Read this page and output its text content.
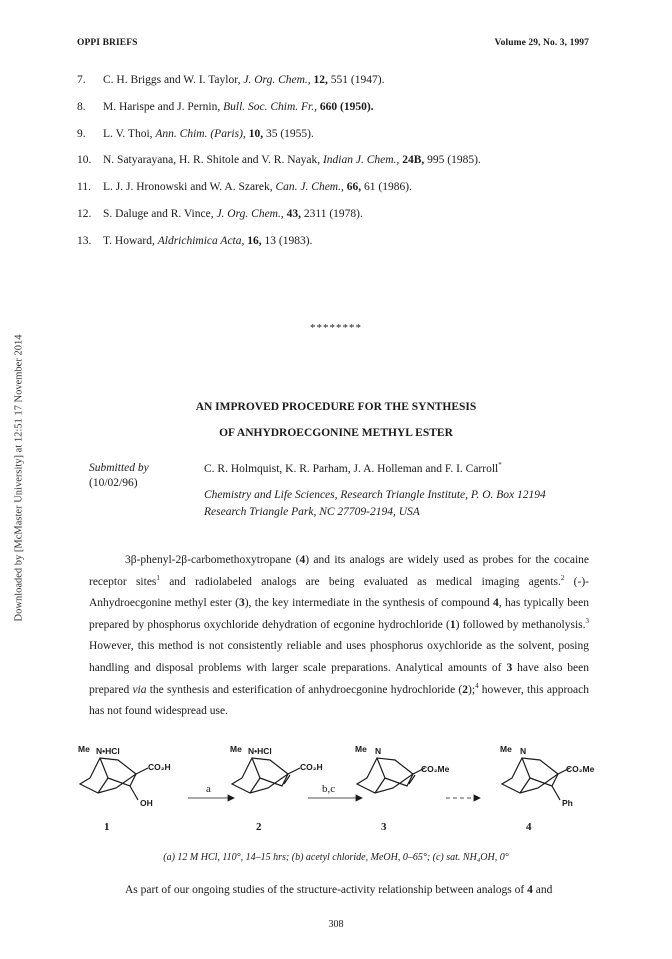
Downloaded by [McMaster University] at 12:51 17 November 2014
OPPI BRIEFS	Volume 29, No. 3, 1997
7. C. H. Briggs and W. I. Taylor, J. Org. Chem., 12, 551 (1947).
8. M. Harispe and J. Pernin, Bull. Soc. Chim. Fr., 660 (1950).
9. L. V. Thoi, Ann. Chim. (Paris), 10, 35 (1955).
10. N. Satyarayana, H. R. Shitole and V. R. Nayak, Indian J. Chem., 24B, 995 (1985).
11. L. J. J. Hronowski and W. A. Szarek, Can. J. Chem., 66, 61 (1986).
12. S. Daluge and R. Vince, J. Org. Chem., 43, 2311 (1978).
13. T. Howard, Aldrichimica Acta, 16, 13 (1983).
********
AN IMPROVED PROCEDURE FOR THE SYNTHESIS
OF ANHYDROECGONINE METHYL ESTER
Submitted by
(10/02/96)
C. R. Holmquist, K. R. Parham, J. A. Holleman and F. I. Carroll*
Chemistry and Life Sciences, Research Triangle Institute, P. O. Box 12194
Research Triangle Park, NC 27709-2194, USA

3β-phenyl-2β-carbomethoxytropane (4) and its analogs are widely used as probes for the cocaine receptor sites$^1$ and radiolabeled analogs are being evaluated as medical imaging agents.$^2$ (-)-Anhydroecgonine methyl ester (3), the key intermediate in the synthesis of compound 4, has typically been prepared by phosphorus oxychloride dehydration of ecgonine hydrochloride (1) followed by methanolysis.$^3$ However, this method is not consistently reliable and uses phosphorus oxychloride as the solvent, posing handling and disposal problems with larger scale preparations. Analytical amounts of 3 have also been prepared via the synthesis and esterification of anhydroecgonine hydrochloride (2);$^4$ however, this approach has not found widespread use.

Me N•HCl
CO₂H
OH
1
a
Me N•HCl
CO₂H
2
b,c
Me N
CO₂Me
3
Me N
CO₂Me
Ph
4
(a) 12 M HCl, 110°, 14–15 hrs; (b) acetyl chloride, MeOH, 0–65°; (c) sat. NH₄OH, 0°
As part of our ongoing studies of the structure-activity relationship between analogs of 4 and
308
